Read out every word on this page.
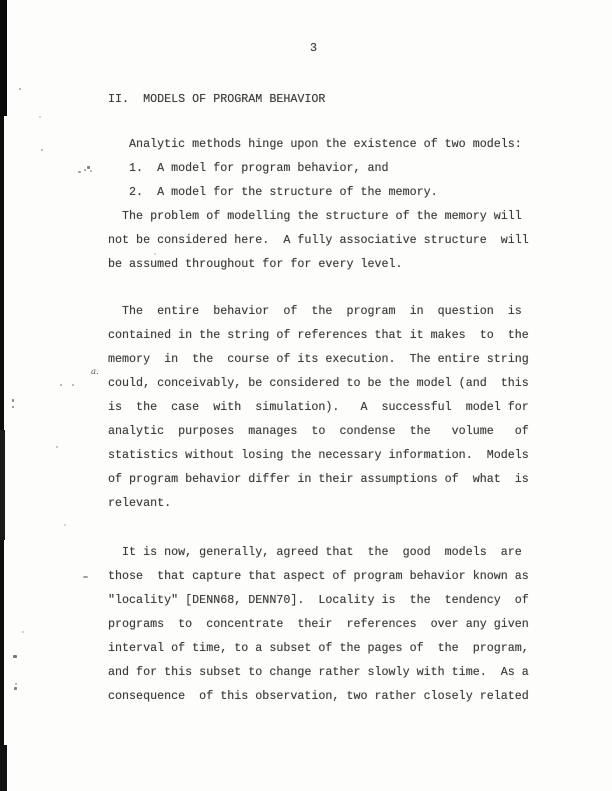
3
II.  MODELS OF PROGRAM BEHAVIOR
Analytic methods hinge upon the existence of two models:
1.  A model for program behavior, and
2.  A model for the structure of the memory.
The problem of modelling the structure of the memory will
not be considered here.  A fully associative structure  will
be assumed throughout for for every level.
The  entire  behavior  of  the  program  in  question  is
contained in the string of references that it makes  to  the
memory  in  the  course of its execution.  The entire string
could, conceivably, be considered to be the model (and  this
is  the  case  with  simulation).   A  successful  model for
analytic  purposes  manages  to  condense  the   volume   of
statistics without losing the necessary information.  Models
of program behavior differ in their assumptions of  what  is
relevant.
It is now, generally, agreed that  the  good  models  are
those  that capture that aspect of program behavior known as
"locality" [DENN68, DENN70].  Locality is  the  tendency  of
programs  to  concentrate  their  references  over any given
interval of time, to a subset of the pages of  the  program,
and for this subset to change rather slowly with time.  As a
consequence  of this observation, two rather closely related
a.
